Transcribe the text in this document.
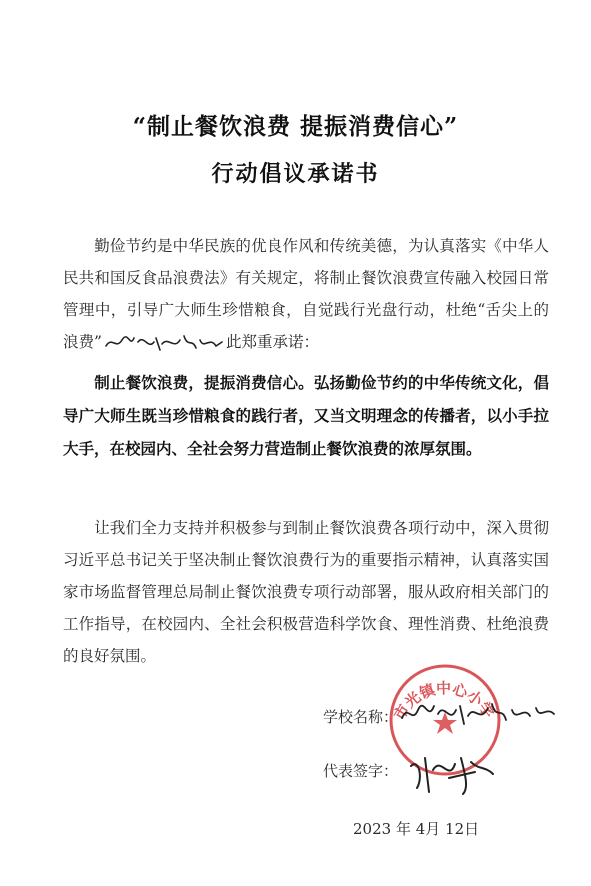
“制止餐饮浪费 提振消费信心”
行动倡议承诺书

勤俭节约是中华民族的优良作风和传统美德，为认真落实《中华人民共和国反食品浪费法》有关规定，将制止餐饮浪费宣传融入校园日常管理中，引导广大师生珍惜粮食，自觉践行光盘行动，杜绝“舌尖上的浪费”	此郑重承诺：

制止餐饮浪费，提振消费信心。弘扬勤俭节约的中华传统文化，倡导广大师生既当珍惜粮食的践行者，又当文明理念的传播者，以小手拉大手，在校园内、全社会努力营造制止餐饮浪费的浓厚氛围。

让我们全力支持并积极参与到制止餐饮浪费各项行动中，深入贯彻习近平总书记关于坚决制止餐饮浪费行为的重要指示精神，认真落实国家市场监督管理总局制止餐饮浪费专项行动部署，服从政府相关部门的工作指导，在校园内、全社会积极营造科学饮食、理性消费、杜绝浪费的良好氛围。

市光镇中心小学
学校名称：
代表签字：
2023 年 4月 12日
